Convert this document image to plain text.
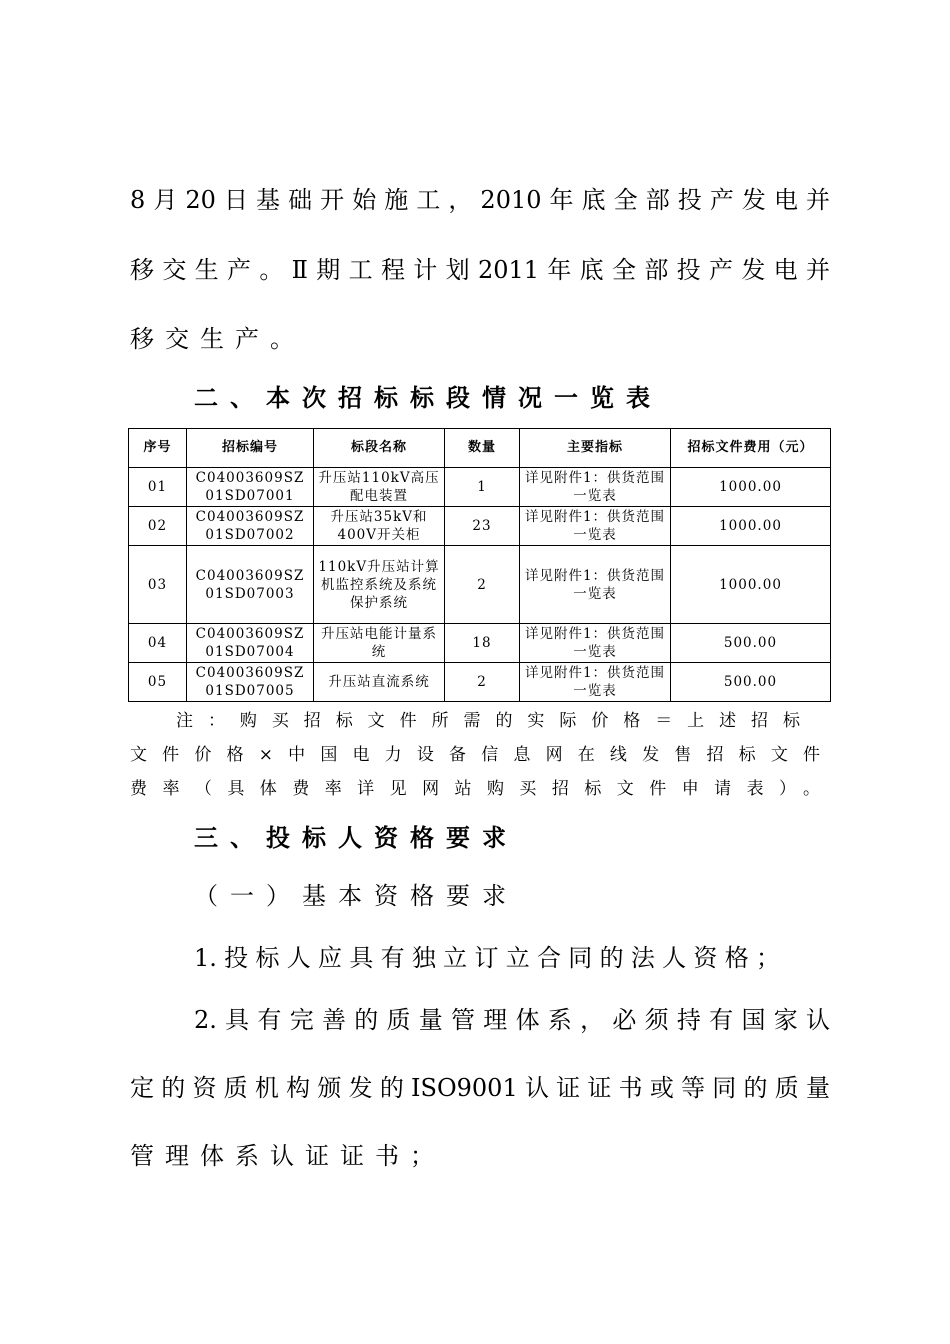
8月20日基础开始施工，2010年底全部投产发电并
移交生产。Ⅱ期工程计划2011年底全部投产发电并
移交生产。
二、本次招标标段情况一览表
序号	招标编号	标段名称	数量	主要指标	招标文件费用（元）
01	C04003609SZ01SD07001	升压站110kV高压配电装置	1	详见附件1：供货范围一览表	1000.00
02	C04003609SZ01SD07002	升压站35kV和400V开关柜	23	详见附件1：供货范围一览表	1000.00
03	C04003609SZ01SD07003	110kV升压站计算机监控系统及系统保护系统	2	详见附件1：供货范围一览表	1000.00
04	C04003609SZ01SD07004	升压站电能计量系统	18	详见附件1：供货范围一览表	500.00
05	C04003609SZ01SD07005	升压站直流系统	2	详见附件1：供货范围一览表	500.00
注：购买招标文件所需的实际价格＝上述招标
文件价格×中国电力设备信息网在线发售招标文件
费率（具体费率详见网站购买招标文件申请表）。
三、投标人资格要求
（一）基本资格要求
1.投标人应具有独立订立合同的法人资格；
2.具有完善的质量管理体系，必须持有国家认
定的资质机构颁发的ISO9001认证证书或等同的质量
管理体系认证证书；
